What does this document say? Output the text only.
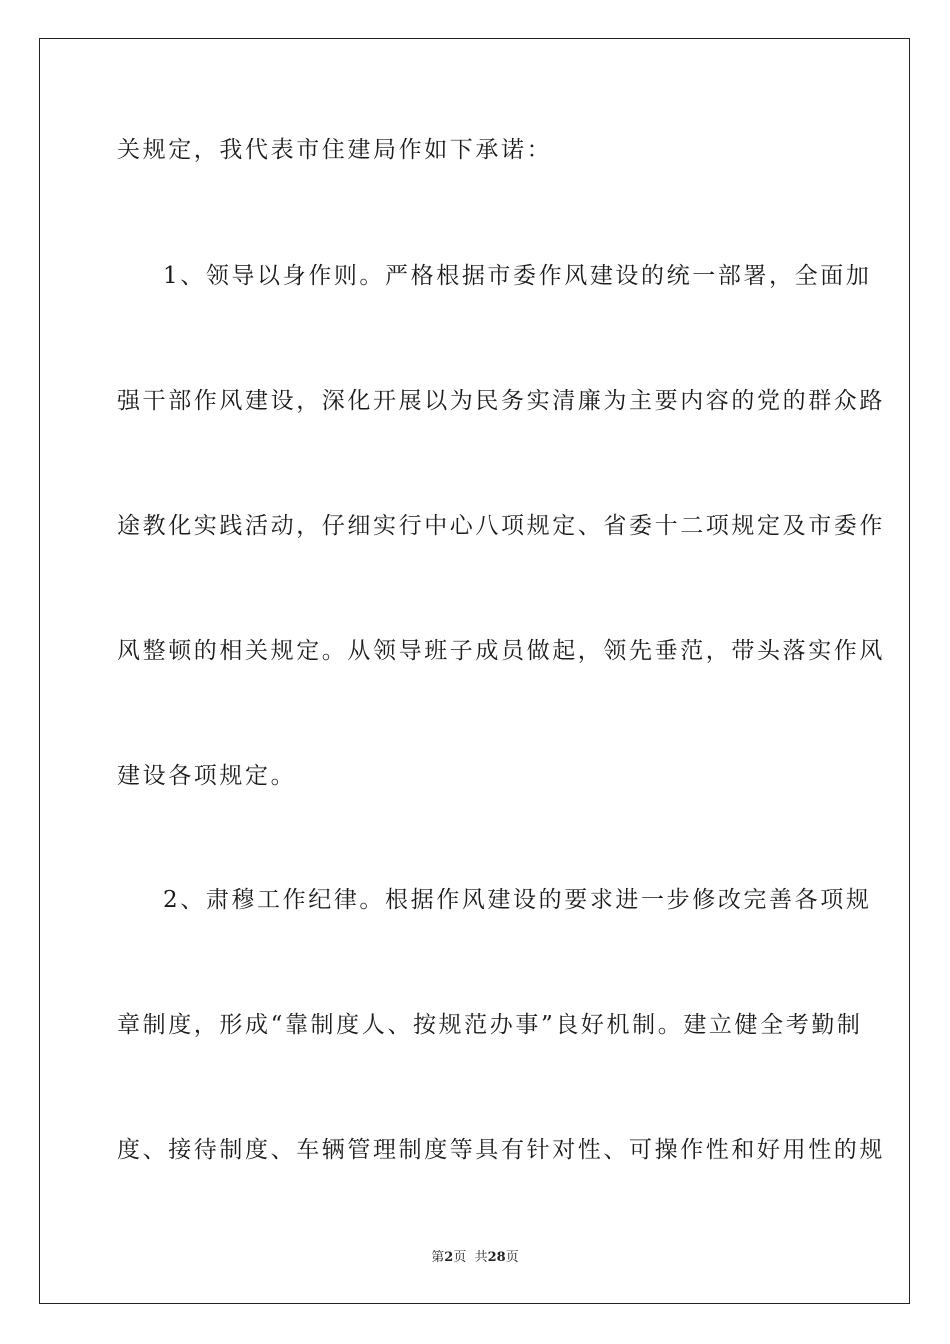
关规定，我代表市住建局作如下承诺：
1、领导以身作则。严格根据市委作风建设的统一部署，全面加
强干部作风建设，深化开展以为民务实清廉为主要内容的党的群众路
途教化实践活动，仔细实行中心八项规定、省委十二项规定及市委作
风整顿的相关规定。从领导班子成员做起，领先垂范，带头落实作风
建设各项规定。
2、肃穆工作纪律。根据作风建设的要求进一步修改完善各项规
章制度，形成“靠制度人、按规范办事”良好机制。建立健全考勤制
度、接待制度、车辆管理制度等具有针对性、可操作性和好用性的规
第2页  共28页
